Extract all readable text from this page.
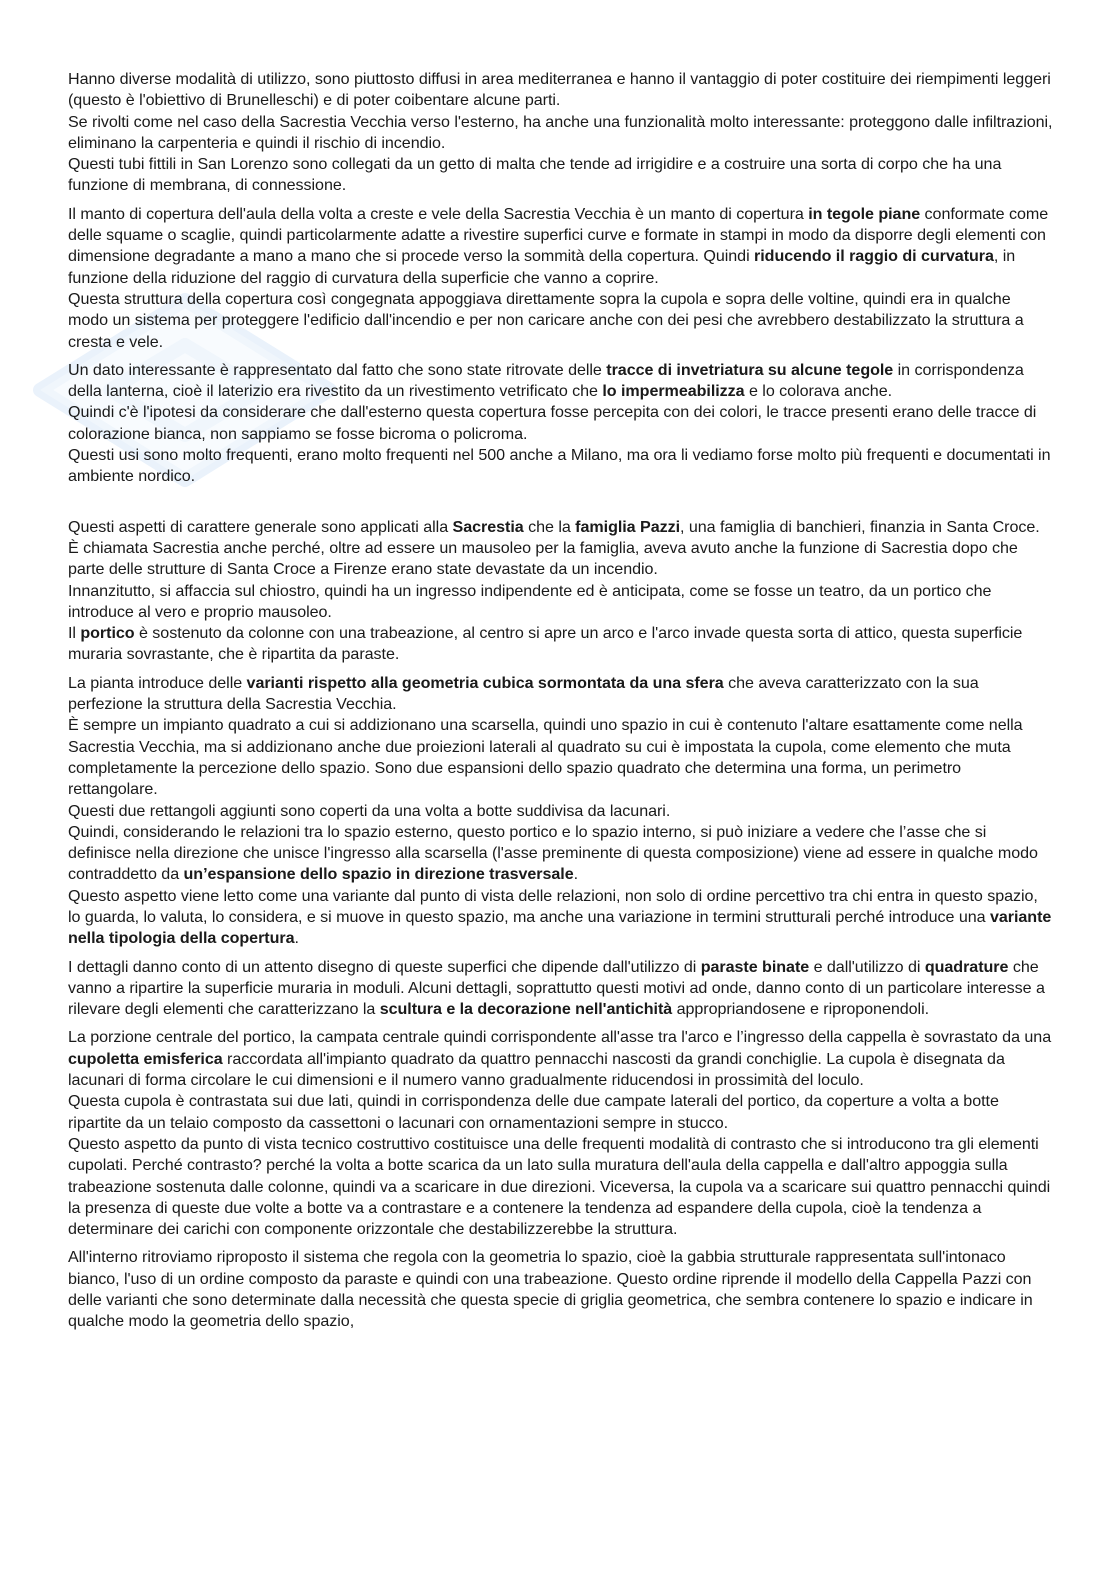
Hanno diverse modalità di utilizzo, sono piuttosto diffusi in area mediterranea e hanno il vantaggio di poter costituire dei riempimenti leggeri (questo è l'obiettivo di Brunelleschi) e di poter coibentare alcune parti.

Se rivolti come nel caso della Sacrestia Vecchia verso l'esterno, ha anche una funzionalità molto interessante: proteggono dalle infiltrazioni, eliminano la carpenteria e quindi il rischio di incendio.

Questi tubi fittili in San Lorenzo sono collegati da un getto di malta che tende ad irrigidire e a costruire una sorta di corpo che ha una funzione di membrana, di connessione.

Il manto di copertura dell'aula della volta a creste e vele della Sacrestia Vecchia è un manto di copertura in tegole piane conformate come delle squame o scaglie, quindi particolarmente adatte a rivestire superfici curve e formate in stampi in modo da disporre degli elementi con dimensione degradante a mano a mano che si procede verso la sommità della copertura. Quindi riducendo il raggio di curvatura, in funzione della riduzione del raggio di curvatura della superficie che vanno a coprire.

Questa struttura della copertura così congegnata appoggiava direttamente sopra la cupola e sopra delle voltine, quindi era in qualche modo un sistema per proteggere l'edificio dall'incendio e per non caricare anche con dei pesi che avrebbero destabilizzato la struttura a cresta e vele.

Un dato interessante è rappresentato dal fatto che sono state ritrovate delle tracce di invetriatura su alcune tegole in corrispondenza della lanterna, cioè il laterizio era rivestito da un rivestimento vetrificato che lo impermeabilizza e lo colorava anche.

Quindi c'è l'ipotesi da considerare che dall'esterno questa copertura fosse percepita con dei colori, le tracce presenti erano delle tracce di colorazione bianca, non sappiamo se fosse bicroma o policroma.

Questi usi sono molto frequenti, erano molto frequenti nel 500 anche a Milano, ma ora li vediamo forse molto più frequenti e documentati in ambiente nordico.

Questi aspetti di carattere generale sono applicati alla Sacrestia che la famiglia Pazzi, una famiglia di banchieri, finanzia in Santa Croce.

È chiamata Sacrestia anche perché, oltre ad essere un mausoleo per la famiglia, aveva avuto anche la funzione di Sacrestia dopo che parte delle strutture di Santa Croce a Firenze erano state devastate da un incendio.

Innanzitutto, si affaccia sul chiostro, quindi ha un ingresso indipendente ed è anticipata, come se fosse un teatro, da un portico che introduce al vero e proprio mausoleo.

Il portico è sostenuto da colonne con una trabeazione, al centro si apre un arco e l'arco invade questa sorta di attico, questa superficie muraria sovrastante, che è ripartita da paraste.

La pianta introduce delle varianti rispetto alla geometria cubica sormontata da una sfera che aveva caratterizzato con la sua perfezione la struttura della Sacrestia Vecchia.

È sempre un impianto quadrato a cui si addizionano una scarsella, quindi uno spazio in cui è contenuto l'altare esattamente come nella Sacrestia Vecchia, ma si addizionano anche due proiezioni laterali al quadrato su cui è impostata la cupola, come elemento che muta completamente la percezione dello spazio. Sono due espansioni dello spazio quadrato che determina una forma, un perimetro rettangolare.

Questi due rettangoli aggiunti sono coperti da una volta a botte suddivisa da lacunari.

Quindi, considerando le relazioni tra lo spazio esterno, questo portico e lo spazio interno, si può iniziare a vedere che l’asse che si definisce nella direzione che unisce l'ingresso alla scarsella (l'asse preminente di questa composizione) viene ad essere in qualche modo contraddetto da un’espansione dello spazio in direzione trasversale.

Questo aspetto viene letto come una variante dal punto di vista delle relazioni, non solo di ordine percettivo tra chi entra in questo spazio, lo guarda, lo valuta, lo considera, e si muove in questo spazio, ma anche una variazione in termini strutturali perché introduce una variante nella tipologia della copertura.

I dettagli danno conto di un attento disegno di queste superfici che dipende dall'utilizzo di paraste binate e dall'utilizzo di quadrature che vanno a ripartire la superficie muraria in moduli. Alcuni dettagli, soprattutto questi motivi ad onde, danno conto di un particolare interesse a rilevare degli elementi che caratterizzano la scultura e la decorazione nell'antichità appropriandosene e riproponendoli.

La porzione centrale del portico, la campata centrale quindi corrispondente all'asse tra l'arco e l’ingresso della cappella è sovrastato da una cupoletta emisferica raccordata all'impianto quadrato da quattro pennacchi nascosti da grandi conchiglie. La cupola è disegnata da lacunari di forma circolare le cui dimensioni e il numero vanno gradualmente riducendosi in prossimità del loculo.

Questa cupola è contrastata sui due lati, quindi in corrispondenza delle due campate laterali del portico, da coperture a volta a botte ripartite da un telaio composto da cassettoni o lacunari con ornamentazioni sempre in stucco.

Questo aspetto da punto di vista tecnico costruttivo costituisce una delle frequenti modalità di contrasto che si introducono tra gli elementi cupolati. Perché contrasto? perché la volta a botte scarica da un lato sulla muratura dell'aula della cappella e dall'altro appoggia sulla trabeazione sostenuta dalle colonne, quindi va a scaricare in due direzioni. Viceversa, la cupola va a scaricare sui quattro pennacchi quindi la presenza di queste due volte a botte va a contrastare e a contenere la tendenza ad espandere della cupola, cioè la tendenza a determinare dei carichi con componente orizzontale che destabilizzerebbe la struttura.

All'interno ritroviamo riproposto il sistema che regola con la geometria lo spazio, cioè la gabbia strutturale rappresentata sull'intonaco bianco, l'uso di un ordine composto da paraste e quindi con una trabeazione. Questo ordine riprende il modello della Cappella Pazzi con delle varianti che sono determinate dalla necessità che questa specie di griglia geometrica, che sembra contenere lo spazio e indicare in qualche modo la geometria dello spazio,
